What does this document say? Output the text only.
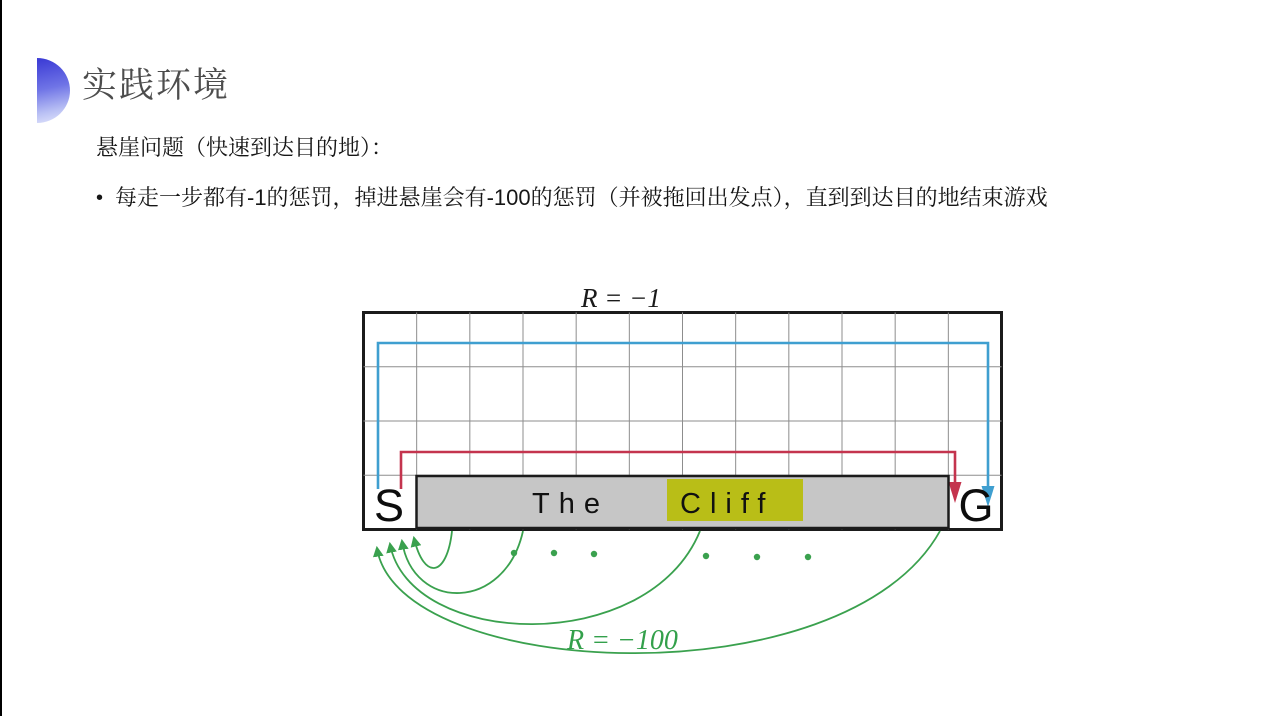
实践环境
悬崖问题（快速到达目的地）：
• 每走一步都有-1的惩罚，掉进悬崖会有-100的惩罚（并被拖回出发点），直到到达目的地结束游戏
R = −1
The Cliff
S	G
R = −100
